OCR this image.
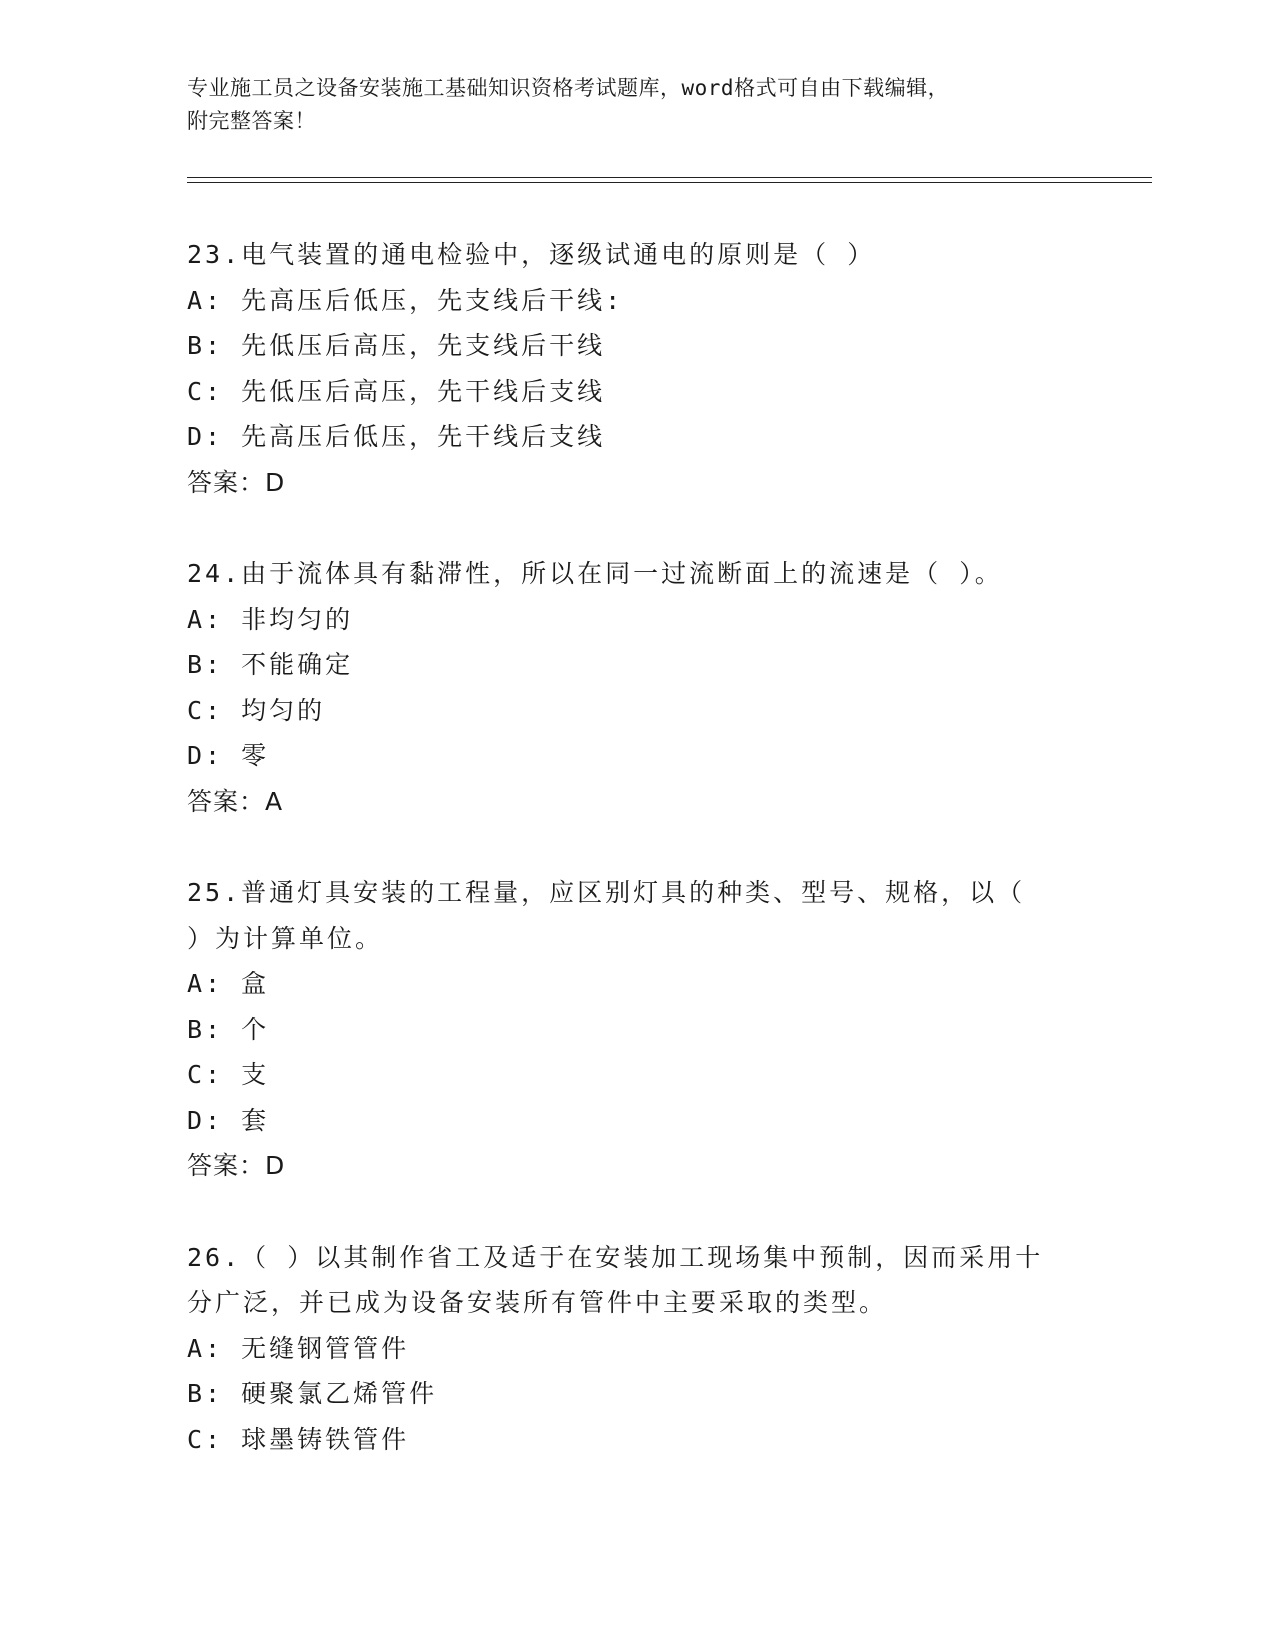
专业施工员之设备安装施工基础知识资格考试题库，word格式可自由下载编辑，
附完整答案！
23.电气装置的通电检验中，逐级试通电的原则是（ ）
A: 先高压后低压，先支线后干线:
B: 先低压后高压，先支线后干线
C: 先低压后高压，先干线后支线
D: 先高压后低压，先干线后支线
答案：D
24.由于流体具有黏滞性，所以在同一过流断面上的流速是（ ）。
A: 非均匀的
B: 不能确定
C: 均匀的
D: 零
答案：A
25.普通灯具安装的工程量，应区别灯具的种类、型号、规格，以（ ）为计算单位。
A: 盒
B: 个
C: 支
D: 套
答案：D
26.（ ）以其制作省工及适于在安装加工现场集中预制，因而采用十分广泛，并已成为设备安装所有管件中主要采取的类型。
A: 无缝钢管管件
B: 硬聚氯乙烯管件
C: 球墨铸铁管件
